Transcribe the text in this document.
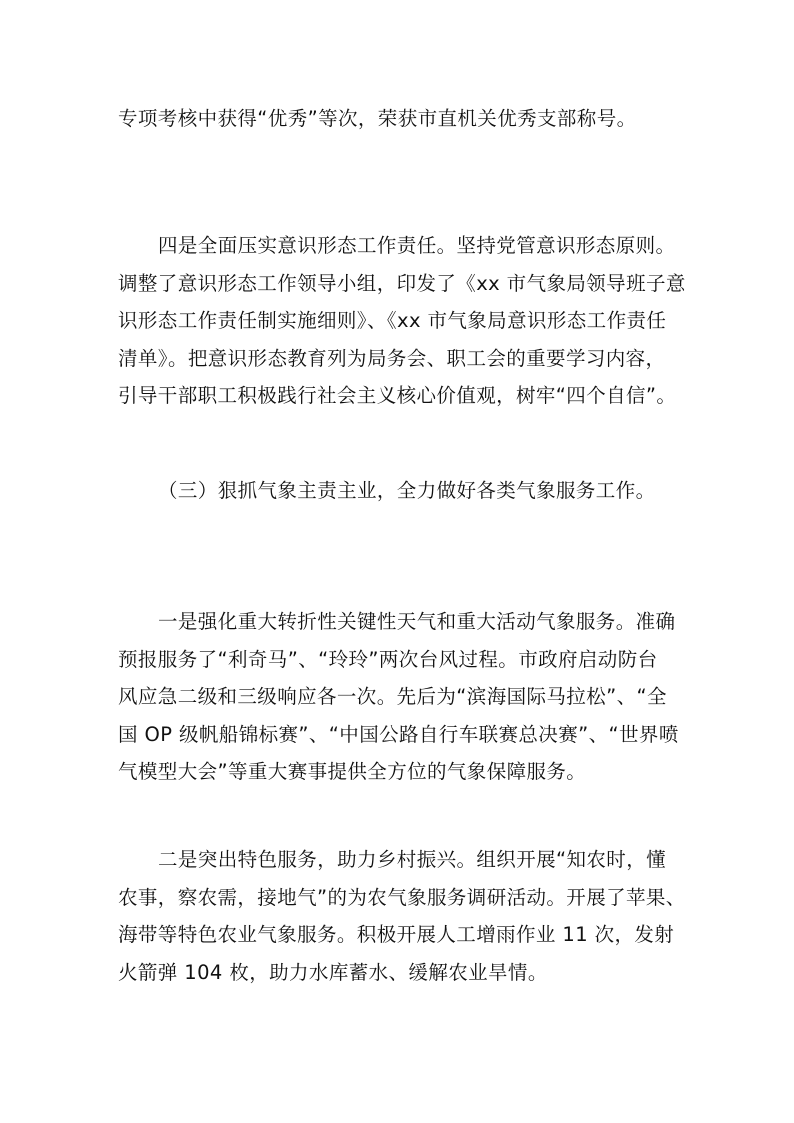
专项考核中获得“优秀”等次，荣获市直机关优秀支部称号。

四是全面压实意识形态工作责任。坚持党管意识形态原则。
调整了意识形态工作领导小组，印发了《xx 市气象局领导班子意
识形态工作责任制实施细则》、《xx 市气象局意识形态工作责任
清单》。把意识形态教育列为局务会、职工会的重要学习内容，
引导干部职工积极践行社会主义核心价值观，树牢“四个自信”。

（三）狠抓气象主责主业，全力做好各类气象服务工作。

一是强化重大转折性关键性天气和重大活动气象服务。准确
预报服务了“利奇马”、“玲玲”两次台风过程。市政府启动防台
风应急二级和三级响应各一次。先后为“滨海国际马拉松”、“全
国 OP 级帆船锦标赛”、“中国公路自行车联赛总决赛”、“世界喷
气模型大会”等重大赛事提供全方位的气象保障服务。

二是突出特色服务，助力乡村振兴。组织开展“知农时，懂
农事，察农需，接地气”的为农气象服务调研活动。开展了苹果、
海带等特色农业气象服务。积极开展人工增雨作业 11 次，发射
火箭弹 104 枚，助力水库蓄水、缓解农业旱情。
